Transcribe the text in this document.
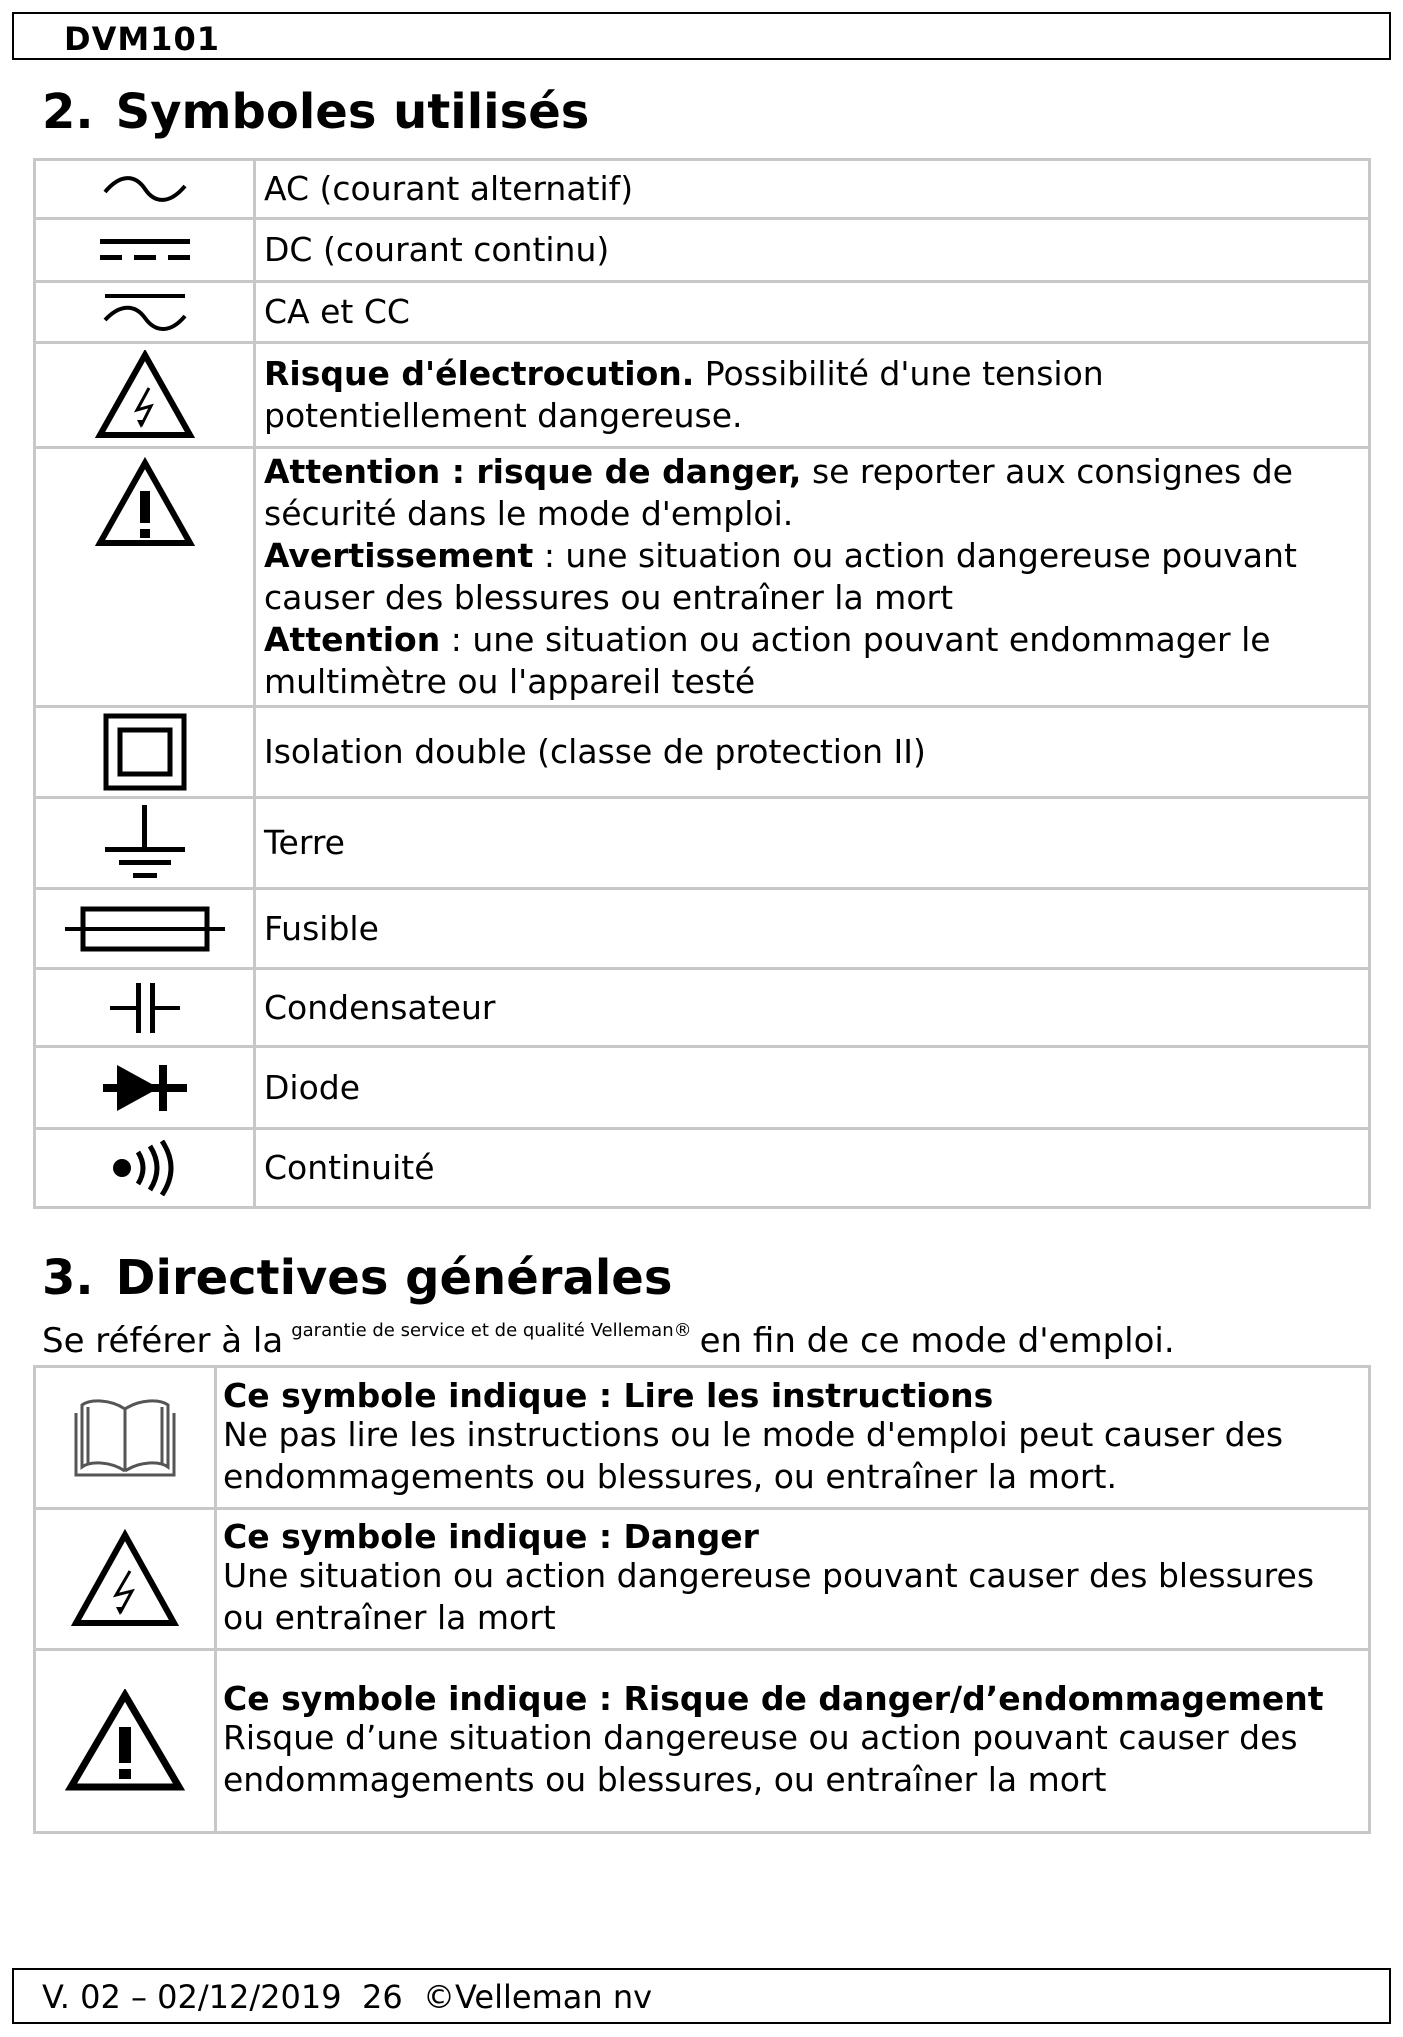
DVM101
2. Symboles utilisés
	AC (courant alternatif)

	DC (courant continu)

	CA et CC

	Risque d'électrocution. Possibilité d'une tension potentiellement dangereuse.

Attention : risque de danger, se reporter aux consignes de sécurité dans le mode d'emploi.
Avertissement : une situation ou action dangereuse pouvant causer des blessures ou entraîner la mort
Attention : une situation ou action pouvant endommager le multimètre ou l'appareil testé

	Isolation double (classe de protection II)

	Terre

	Fusible

	Condensateur

	Diode

	Continuité
3. Directives générales
Se référer à la $^{garantie de service et de qualité Velleman®}$ en fin de ce mode d'emploi.

Ce symbole indique : Lire les instructions
Ne pas lire les instructions ou le mode d'emploi peut causer des endommagements ou blessures, ou entraîner la mort.

Ce symbole indique : Danger
Une situation ou action dangereuse pouvant causer des blessures ou entraîner la mort

Ce symbole indique : Risque de danger/d’endommagement
Risque d’une situation dangereuse ou action pouvant causer des endommagements ou blessures, ou entraîner la mort
V. 02 – 02/12/2019  26  ©Velleman nv
